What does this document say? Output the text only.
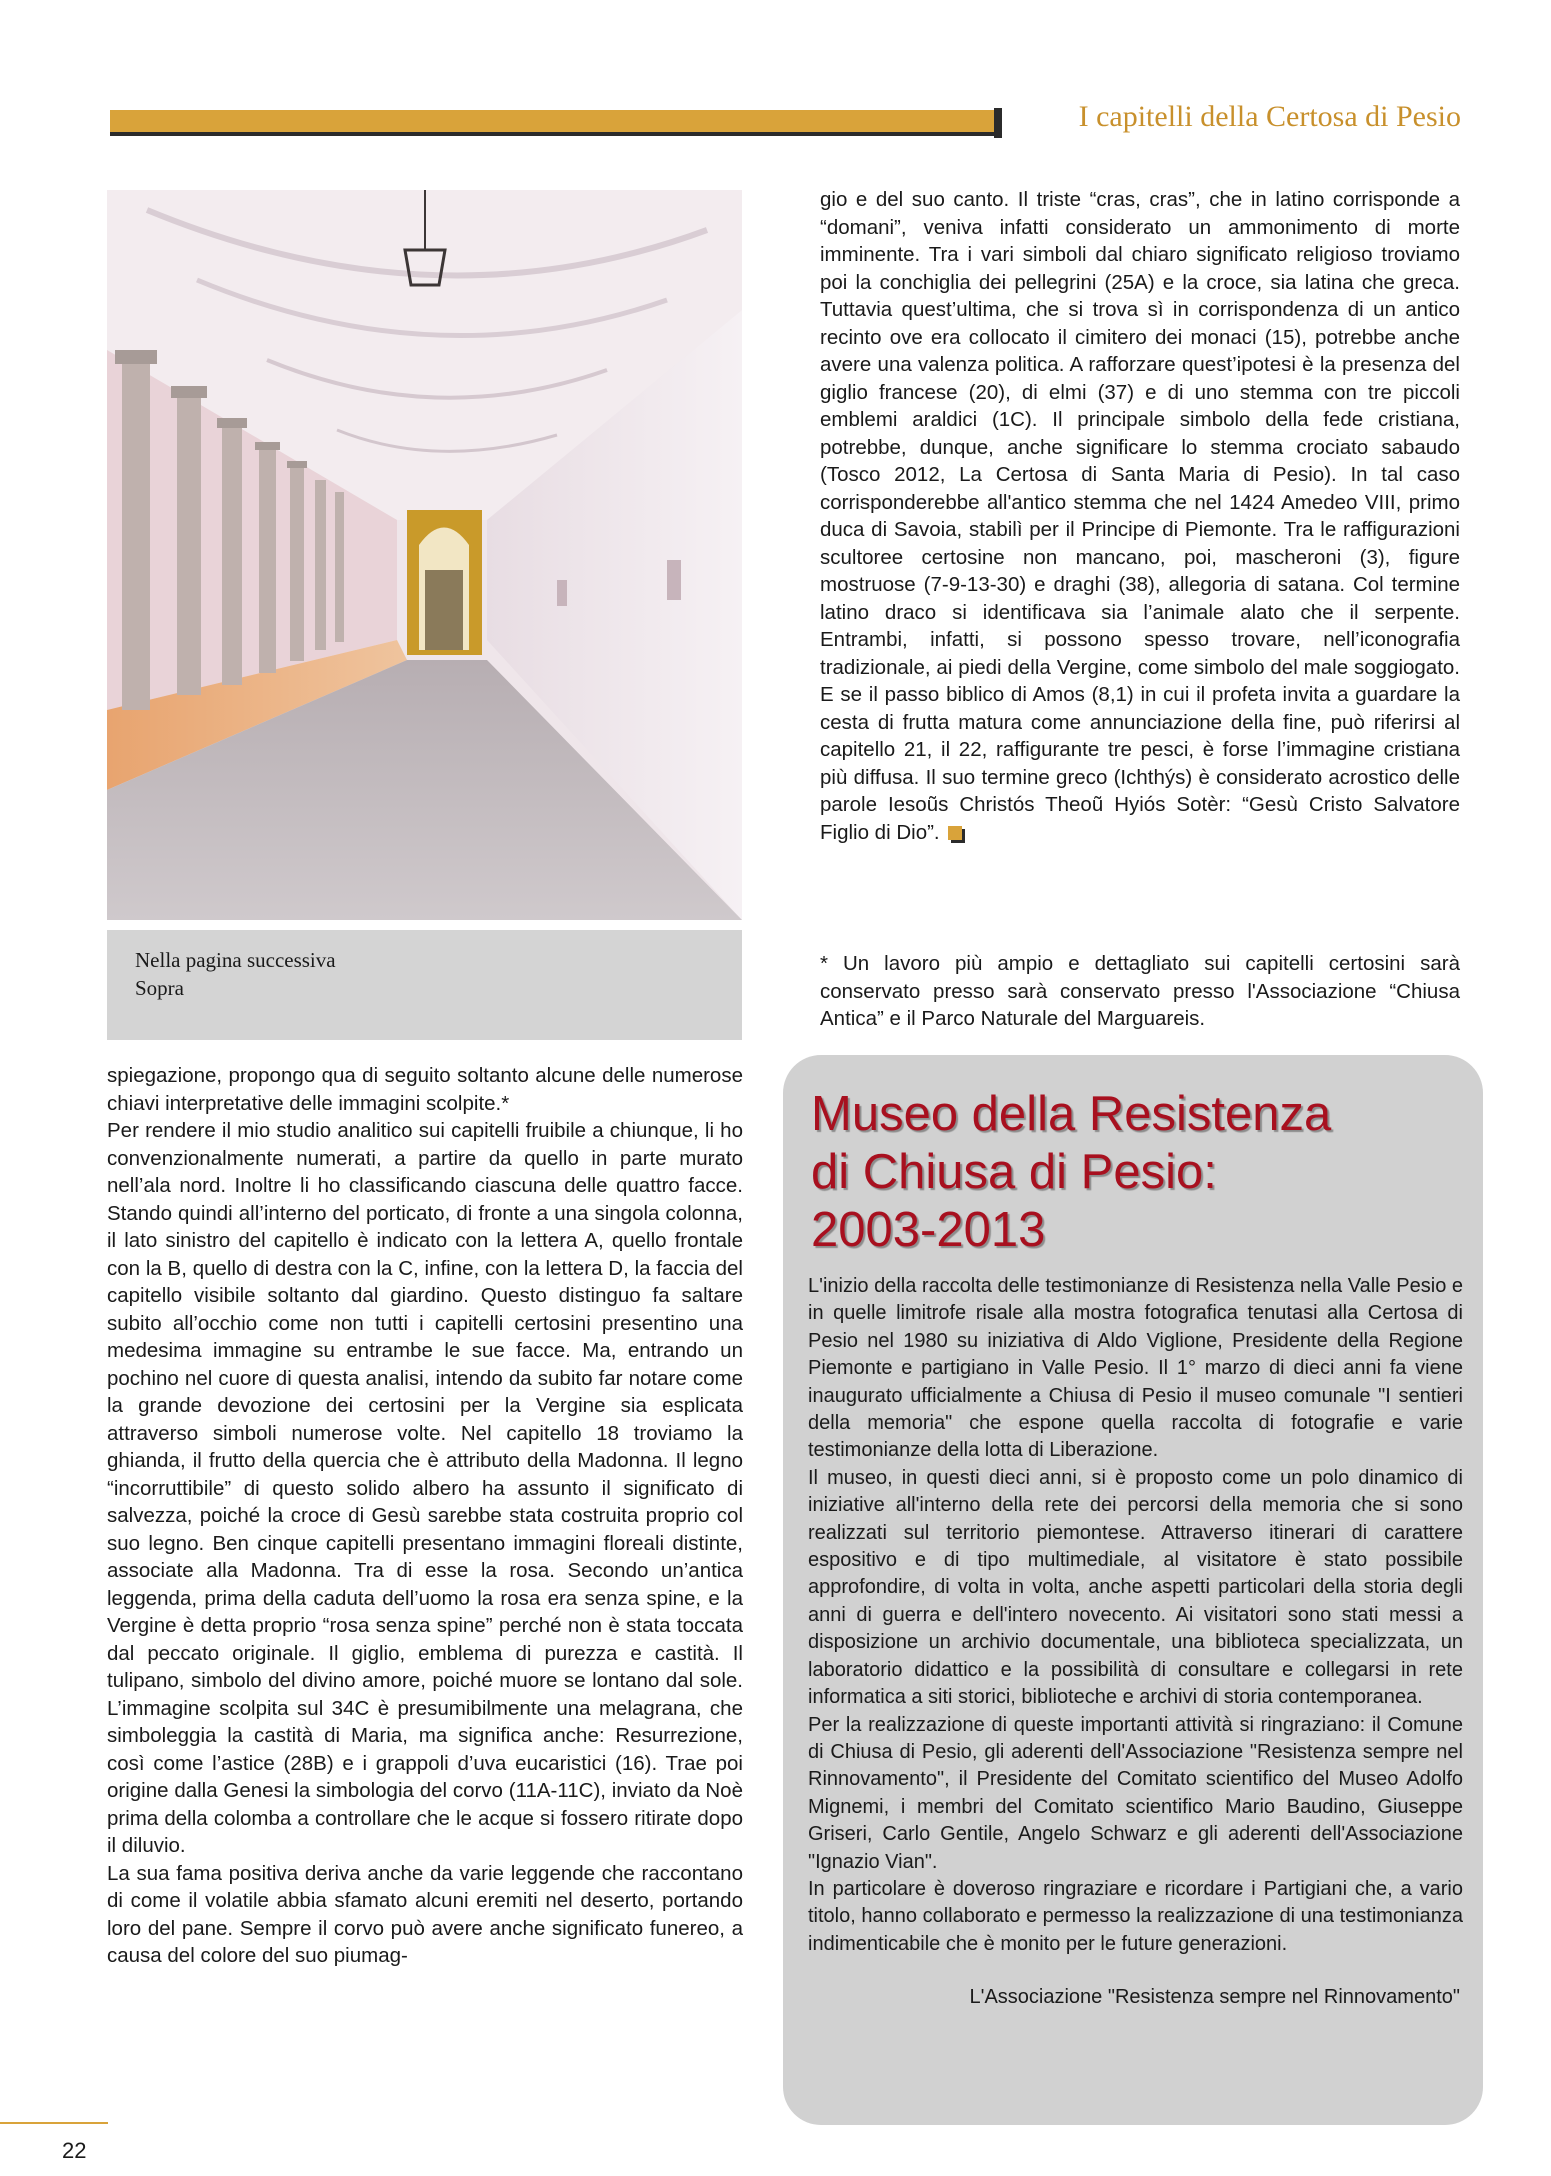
I capitelli della Certosa di Pesio
Nella pagina successiva
Sopra

gio e del suo canto. Il triste “cras, cras”, che in latino corrisponde a “domani”, veniva infatti considerato un ammonimento di morte imminente. Tra i vari simboli dal chiaro significato religioso troviamo poi la conchiglia dei pellegrini (25A) e la croce, sia latina che greca. Tuttavia quest’ultima, che si trova sì in corrispondenza di un antico recinto ove era collocato il cimitero dei monaci (15), potrebbe anche avere una valenza politica. A rafforzare quest’ipotesi è la presenza del giglio francese (20), di elmi (37) e di uno stemma con tre piccoli emblemi araldici (1C). Il principale simbolo della fede cristiana, potrebbe, dunque, anche significare lo stemma crociato sabaudo (Tosco 2012, La Certosa di Santa Maria di Pesio). In tal caso corrisponderebbe all'antico stemma che nel 1424 Amedeo VIII, primo duca di Savoia, stabilì per il Principe di Piemonte. Tra le raffigurazioni scultoree certosine non mancano, poi, mascheroni (3), figure mostruose (7-9-13-30) e draghi (38), allegoria di satana. Col termine latino draco si identificava sia l’animale alato che il serpente. Entrambi, infatti, si possono spesso trovare, nell’iconografia tradizionale, ai piedi della Vergine, come simbolo del male soggiogato. E se il passo biblico di Amos (8,1) in cui il profeta invita a guardare la cesta di frutta matura come annunciazione della fine, può riferirsi al capitello 21, il 22, raffigurante tre pesci, è forse l’immagine cristiana più diffusa. Il suo termine greco (Ichthýs) è considerato acrostico delle parole Iesoũs Christós Theoũ Hyiós Sotèr: “Gesù Cristo Salvatore Figlio di Dio”.

* Un lavoro più ampio e dettagliato sui capitelli certosini sarà conservato presso sarà conservato presso l'Associazione “Chiusa Antica” e il Parco Naturale del Marguareis.

spiegazione, propongo qua di seguito soltanto alcune delle numerose chiavi interpretative delle immagini scolpite.*

Per rendere il mio studio analitico sui capitelli fruibile a chiunque, li ho convenzionalmente numerati, a partire da quello in parte murato nell’ala nord. Inoltre li ho classificando ciascuna delle quattro facce. Stando quindi all’interno del porticato, di fronte a una singola colonna, il lato sinistro del capitello è indicato con la lettera A, quello frontale con la B, quello di destra con la C, infine, con la lettera D, la faccia del capitello visibile soltanto dal giardino. Questo distinguo fa saltare subito all’occhio come non tutti i capitelli certosini presentino una medesima immagine su entrambe le sue facce. Ma, entrando un pochino nel cuore di questa analisi, intendo da subito far notare come la grande devozione dei certosini per la Vergine sia esplicata attraverso simboli numerose volte. Nel capitello 18 troviamo la ghianda, il frutto della quercia che è attributo della Madonna. Il legno “incorruttibile” di questo solido albero ha assunto il significato di salvezza, poiché la croce di Gesù sarebbe stata costruita proprio col suo legno. Ben cinque capitelli presentano immagini floreali distinte, associate alla Madonna. Tra di esse la rosa. Secondo un’antica leggenda, prima della caduta dell’uomo la rosa era senza spine, e la Vergine è detta proprio “rosa senza spine” perché non è stata toccata dal peccato originale. Il giglio, emblema di purezza e castità. Il tulipano, simbolo del divino amore, poiché muore se lontano dal sole. L’immagine scolpita sul 34C è presumibilmente una melagrana, che simboleggia la castità di Maria, ma significa anche: Resurrezione, così come l’astice (28B) e i grappoli d’uva eucaristici (16). Trae poi origine dalla Genesi la simbologia del corvo (11A-11C), inviato da Noè prima della colomba a controllare che le acque si fossero ritirate dopo il diluvio.

La sua fama positiva deriva anche da varie leggende che raccontano di come il volatile abbia sfamato alcuni eremiti nel deserto, portando loro del pane. Sempre il corvo può avere anche significato funereo, a causa del colore del suo piumag-

Museo della Resistenza
di Chiusa di Pesio:
2003-2013

L'inizio della raccolta delle testimonianze di Resistenza nella Valle Pesio e in quelle limitrofe risale alla mostra fotografica tenutasi alla Certosa di Pesio nel 1980 su iniziativa di Aldo Viglione, Presidente della Regione Piemonte e partigiano in Valle Pesio. Il 1° marzo di dieci anni fa viene inaugurato ufficialmente a Chiusa di Pesio il museo comunale "I sentieri della memoria" che espone quella raccolta di fotografie e varie testimonianze della lotta di Liberazione.

Il museo, in questi dieci anni, si è proposto come un polo dinamico di iniziative all'interno della rete dei percorsi della memoria che si sono realizzati sul territorio piemontese. Attraverso itinerari di carattere espositivo e di tipo multimediale, al visitatore è stato possibile approfondire, di volta in volta, anche aspetti particolari della storia degli anni di guerra e dell'intero novecento. Ai visitatori sono stati messi a disposizione un archivio documentale, una biblioteca specializzata, un laboratorio didattico e la possibilità di consultare e collegarsi in rete informatica a siti storici, biblioteche e archivi di storia contemporanea.

Per la realizzazione di queste importanti attività si ringraziano: il Comune di Chiusa di Pesio, gli aderenti dell'Associazione "Resistenza sempre nel Rinnovamento", il Presidente del Comitato scientifico del Museo Adolfo Mignemi, i membri del Comitato scientifico Mario Baudino, Giuseppe Griseri, Carlo Gentile, Angelo Schwarz e gli aderenti dell'Associazione "Ignazio Vian".

In particolare è doveroso ringraziare e ricordare i Partigiani che, a vario titolo, hanno collaborato e permesso la realizzazione di una testimonianza indimenticabile che è monito per le future generazioni.

L'Associazione "Resistenza sempre nel Rinnovamento"
22
